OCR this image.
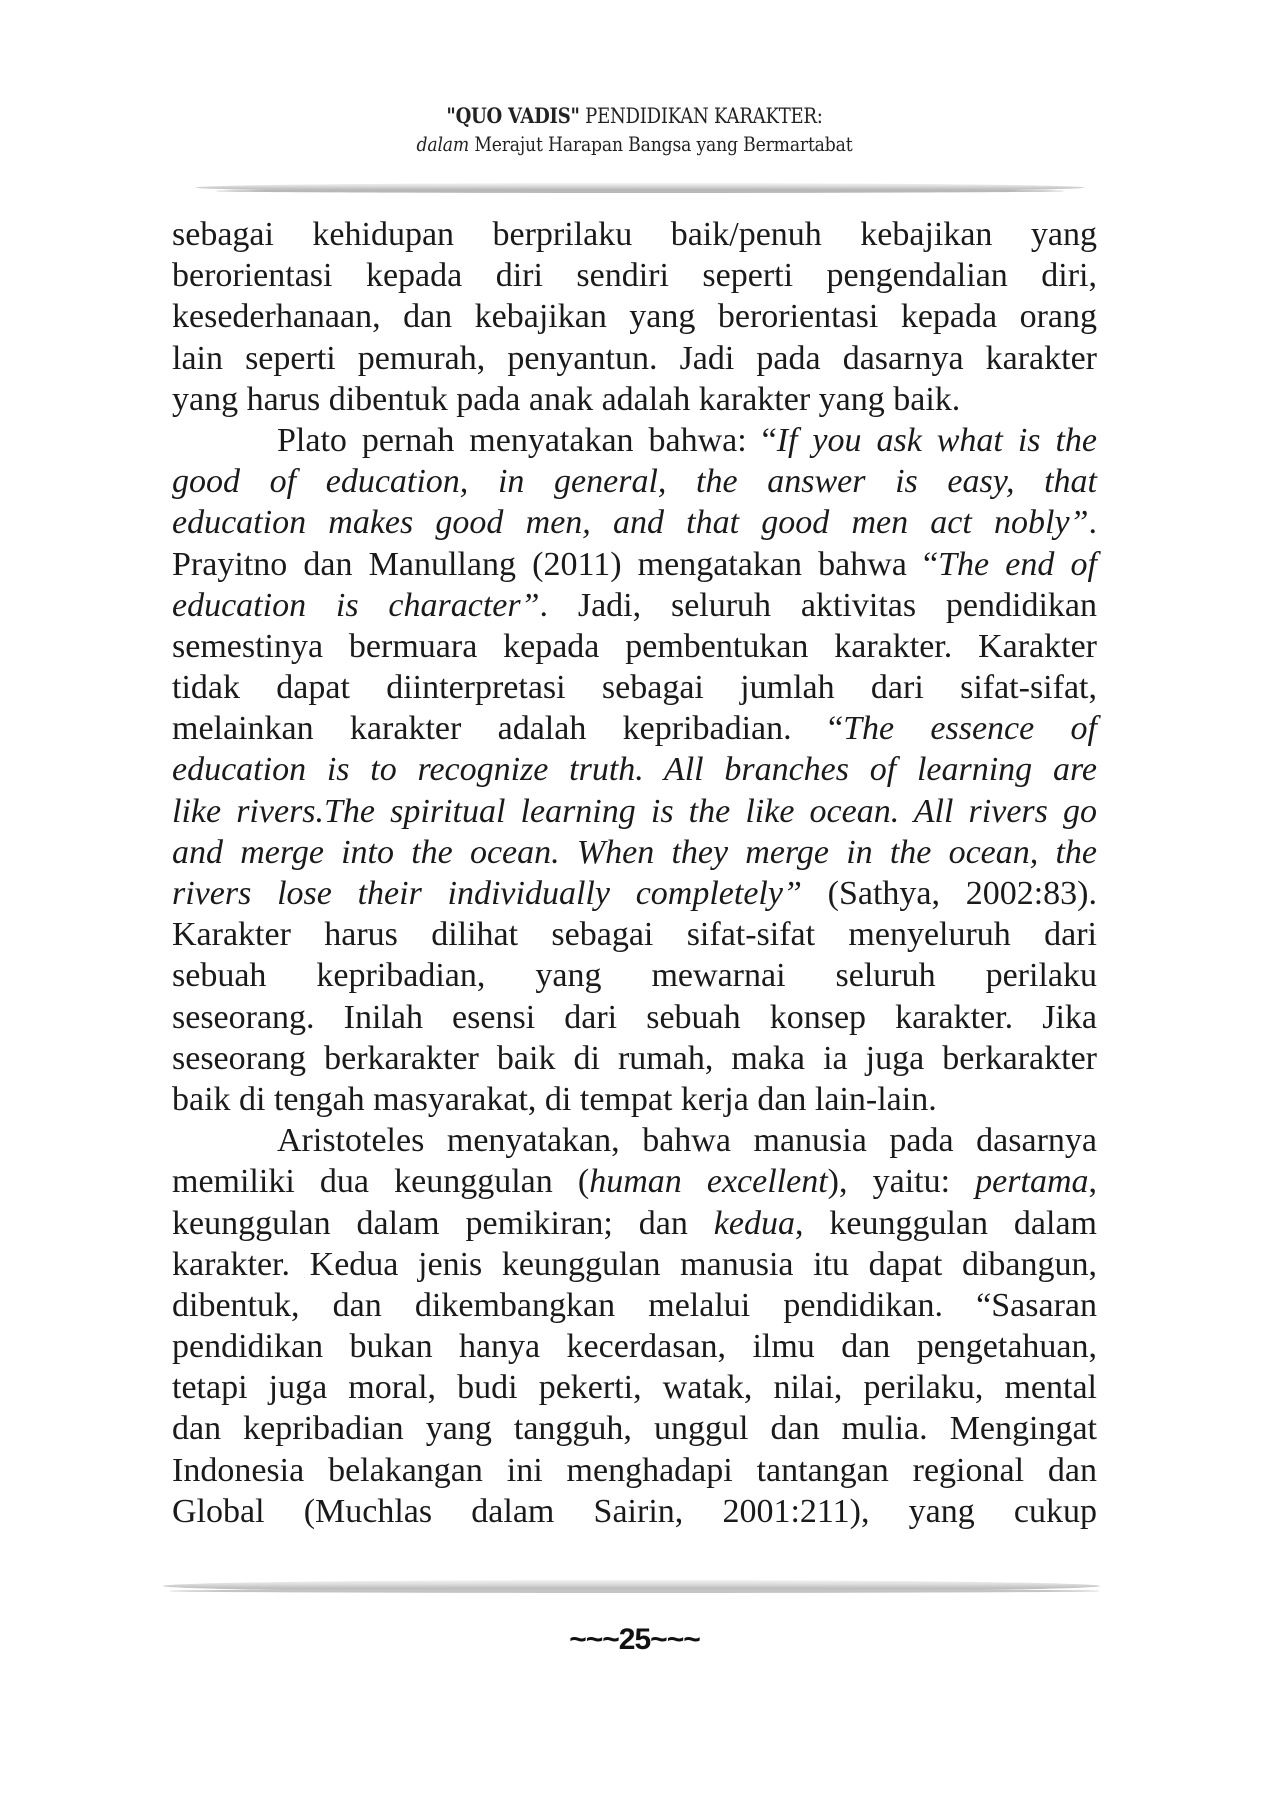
"QUO VADIS" PENDIDIKAN KARAKTER:
dalam Merajut Harapan Bangsa yang Bermartabat
sebagai kehidupan berprilaku baik/penuh kebajikan yang
berorientasi kepada diri sendiri seperti pengendalian diri,
kesederhanaan, dan kebajikan yang berorientasi kepada orang
lain seperti pemurah, penyantun. Jadi pada dasarnya karakter
yang harus dibentuk pada anak adalah karakter yang baik.
Plato pernah menyatakan bahwa: “If you ask what is the
good of education, in general, the answer is easy, that
education makes good men, and that good men act nobly”.
Prayitno dan Manullang (2011) mengatakan bahwa “The end of
education is character”. Jadi, seluruh aktivitas pendidikan
semestinya bermuara kepada pembentukan karakter. Karakter
tidak dapat diinterpretasi sebagai jumlah dari sifat-sifat,
melainkan karakter adalah kepribadian. “The essence of
education is to recognize truth. All branches of learning are
like rivers.The spiritual learning is the like ocean. All rivers go
and merge into the ocean. When they merge in the ocean, the
rivers lose their individually completely” (Sathya, 2002:83).
Karakter harus dilihat sebagai sifat-sifat menyeluruh dari
sebuah kepribadian, yang mewarnai seluruh perilaku
seseorang. Inilah esensi dari sebuah konsep karakter. Jika
seseorang berkarakter baik di rumah, maka ia juga berkarakter
baik di tengah masyarakat, di tempat kerja dan lain-lain.
Aristoteles menyatakan, bahwa manusia pada dasarnya
memiliki dua keunggulan (human excellent), yaitu: pertama,
keunggulan dalam pemikiran; dan kedua, keunggulan dalam
karakter. Kedua jenis keunggulan manusia itu dapat dibangun,
dibentuk, dan dikembangkan melalui pendidikan. “Sasaran
pendidikan bukan hanya kecerdasan, ilmu dan pengetahuan,
tetapi juga moral, budi pekerti, watak, nilai, perilaku, mental
dan kepribadian yang tangguh, unggul dan mulia. Mengingat
Indonesia belakangan ini menghadapi tantangan regional dan
Global (Muchlas dalam Sairin, 2001:211), yang cukup
~~~25~~~
